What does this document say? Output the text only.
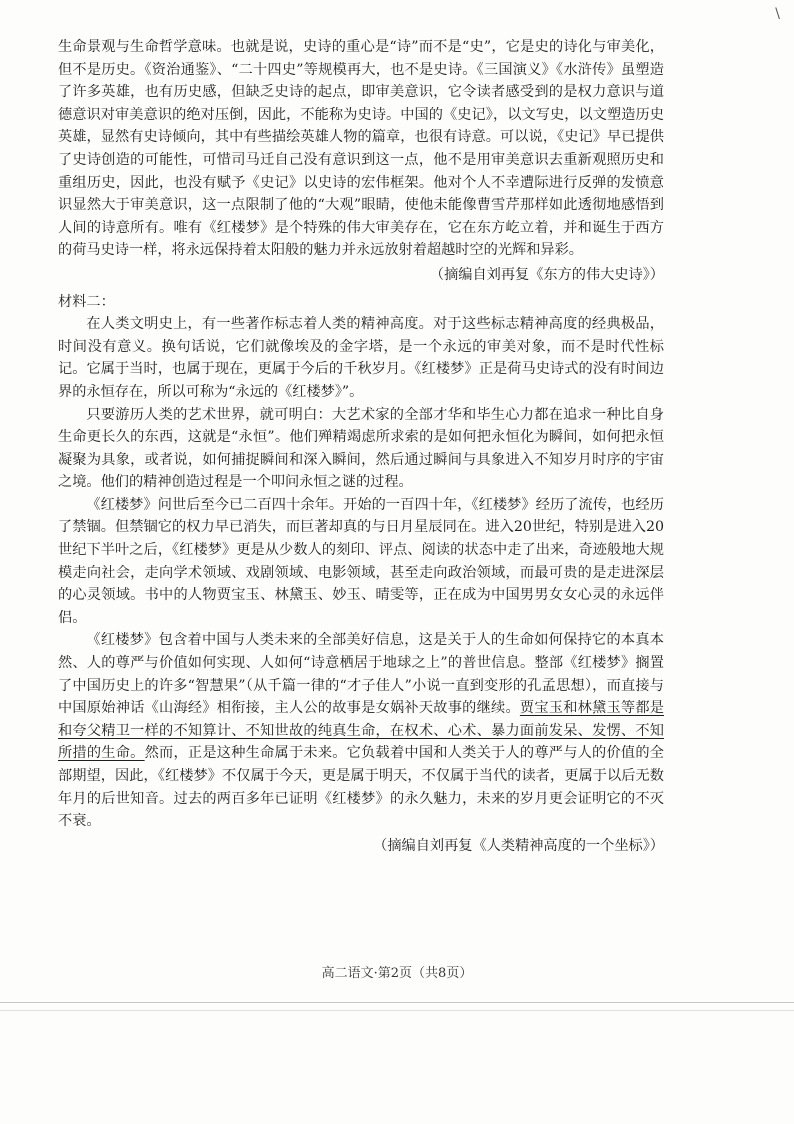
\

生命景观与生命哲学意味。也就是说，史诗的重心是“诗”而不是“史”，它是史的诗化与审美化，但不是历史。《资治通鉴》、“二十四史”等规模再大，也不是史诗。《三国演义》《水浒传》虽塑造了许多英雄，也有历史感，但缺乏史诗的起点，即审美意识，它令读者感受到的是权力意识与道德意识对审美意识的绝对压倒，因此，不能称为史诗。中国的《史记》，以文写史，以文塑造历史英雄，显然有史诗倾向，其中有些描绘英雄人物的篇章，也很有诗意。可以说，《史记》早已提供了史诗创造的可能性，可惜司马迁自己没有意识到这一点，他不是用审美意识去重新观照历史和重组历史，因此，也没有赋予《史记》以史诗的宏伟框架。他对个人不幸遭际进行反弹的发愤意识显然大于审美意识，这一点限制了他的“大观”眼睛，使他未能像曹雪芹那样如此透彻地感悟到人间的诗意所有。唯有《红楼梦》是个特殊的伟大审美存在，它在东方屹立着，并和诞生于西方的荷马史诗一样，将永远保持着太阳般的魅力并永远放射着超越时空的光辉和异彩。

（摘编自刘再复《东方的伟大史诗》）

材料二：

在人类文明史上，有一些著作标志着人类的精神高度。对于这些标志精神高度的经典极品，时间没有意义。换句话说，它们就像埃及的金字塔，是一个永远的审美对象，而不是时代性标记。它属于当时，也属于现在，更属于今后的千秋岁月。《红楼梦》正是荷马史诗式的没有时间边界的永恒存在，所以可称为“永远的《红楼梦》”。

只要游历人类的艺术世界，就可明白：大艺术家的全部才华和毕生心力都在追求一种比自身生命更长久的东西，这就是“永恒”。他们殚精竭虑所求索的是如何把永恒化为瞬间，如何把永恒凝聚为具象，或者说，如何捕捉瞬间和深入瞬间，然后通过瞬间与具象进入不知岁月时序的宇宙之境。他们的精神创造过程是一个叩问永恒之谜的过程。

《红楼梦》问世后至今已二百四十余年。开始的一百四十年，《红楼梦》经历了流传，也经历了禁锢。但禁锢它的权力早已消失，而巨著却真的与日月星辰同在。进入20世纪，特别是进入20世纪下半叶之后，《红楼梦》更是从少数人的刻印、评点、阅读的状态中走了出来，奇迹般地大规模走向社会，走向学术领域、戏剧领域、电影领域，甚至走向政治领域，而最可贵的是走进深层的心灵领域。书中的人物贾宝玉、林黛玉、妙玉、晴雯等，正在成为中国男男女女心灵的永远伴侣。

《红楼梦》包含着中国与人类未来的全部美好信息，这是关于人的生命如何保持它的本真本然、人的尊严与价值如何实现、人如何“诗意栖居于地球之上”的普世信息。整部《红楼梦》搁置了中国历史上的许多“智慧果”（从千篇一律的“才子佳人”小说一直到变形的孔孟思想），而直接与中国原始神话《山海经》相衔接，主人公的故事是女娲补天故事的继续。贾宝玉和林黛玉等都是和夸父精卫一样的不知算计、不知世故的纯真生命，在权术、心术、暴力面前发呆、发愣、不知所措的生命。然而，正是这种生命属于未来。它负载着中国和人类关于人的尊严与人的价值的全部期望，因此，《红楼梦》不仅属于今天，更是属于明天，不仅属于当代的读者，更属于以后无数年月的后世知音。过去的两百多年已证明《红楼梦》的永久魅力，未来的岁月更会证明它的不灭不衰。

（摘编自刘再复《人类精神高度的一个坐标》）

高二语文·第2页（共8页）
